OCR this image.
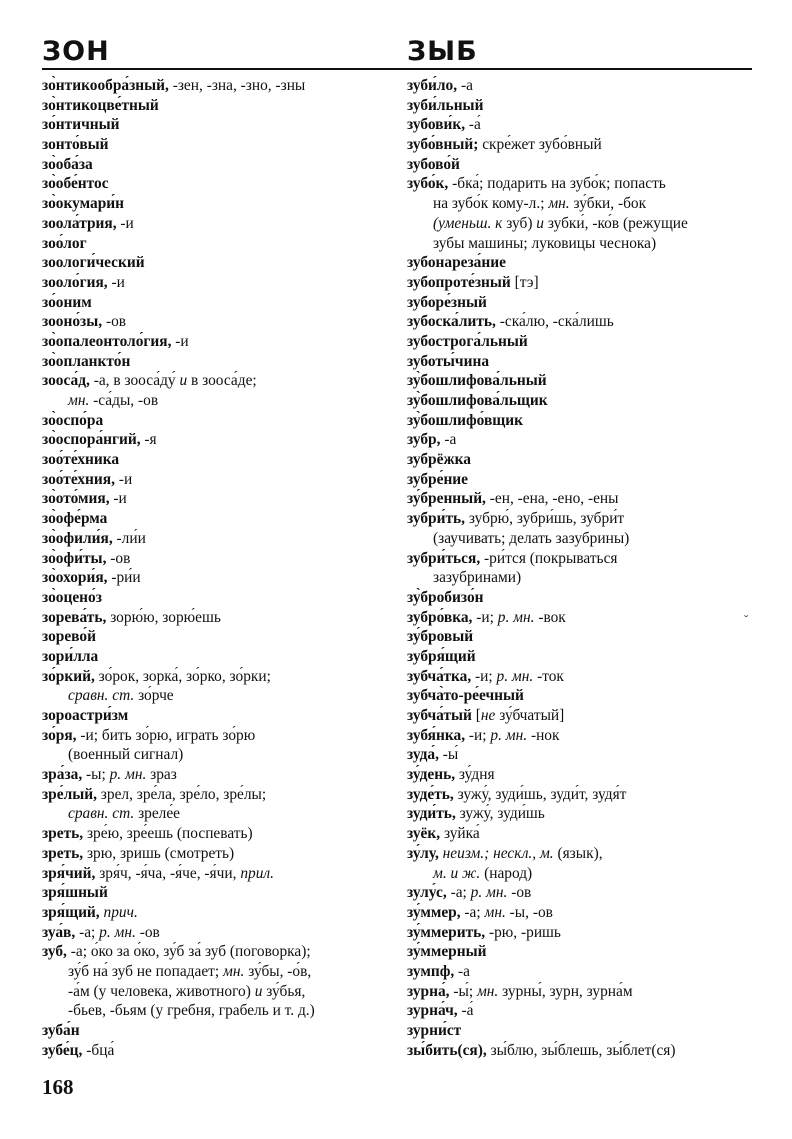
ЗОН	ЗЫБ
зо̀нтикообра́зный, -зен, -зна, -зно, -зны
зо̀нтикоцве́тный
зо́нтичный
зонто́вый
зо̀оба́за
зо̀обе́нтос
зо̀окумари́н
зоола́трия, -и
зоо́лог
зоологи́ческий
зооло́гия, -и
зо́оним
зооно́зы, -ов
зо̀опалеонтоло́гия, -и
зо̀опланкто́н
зооса́д, -а, в зооса́ду́ и в зооса́де;
мн. -са́ды, -ов
зо̀оспо́ра
зо̀оспора́нгий, -я
зоо́те́хника
зоо́те́хния, -и
зо̀ото́мия, -и
зо̀офе́рма
зо̀офили́я, -ли́и
зо̀офи́ты, -ов
зо̀охори́я, -ри́и
зо̀оцено́з
зорева́ть, зорю́ю, зорю́ешь
зорево́й
зори́лла
зо́ркий, зо́рок, зорка́, зо́рко, зо́рки;
сравн. ст. зо́рче
зороастри́зм
зо́ря, -и; бить зо́рю, играть зо́рю
(военный сигнал)
зра́за, -ы; р. мн. зраз
зре́лый, зрел, зре́ла, зре́ло, зре́лы;
сравн. ст. зреле́е
зреть, зре́ю, зре́ешь (поспевать)
зреть, зрю, зришь (смотреть)
зря́чий, зря́ч, -я́ча, -я́че, -я́чи, прил.
зря́шный
зря́щий, прич.
зуа́в, -а; р. мн. -ов
зуб, -а; о́ко за о́ко, зу́б за́ зуб (поговорка);
зу́б на́ зуб не попадает; мн. зу́бы, -о́в,
-а́м (у человека, животного) и зу́бья,
-бьев, -бьям (у гребня, грабель и т. д.)
зуба́н
зубе́ц, -бца́
зуби́ло, -а
зуби́льный
зубови́к, -а́
зубо́вный; скре́жет зубо́вный
зубово́й
зубо́к, -бка́; подарить на зубо́к; попасть
на зубо́к кому-л.; мн. зу́бки, -бок
(уменьш. к зуб) и зубки́, -ко́в (режущие
зубы машины; луковицы чеснока)
зубонареза́ние
зубопроте́зный [тэ]
зуборе́зный
зубоска́лить, -ска́лю, -ска́лишь
зубострога́льный
зуботы́чина
зу̀бошлифова́льный
зу̀бошлифова́льщик
зу̀бошлифо́вщик
зубр, -а
зубрёжка
зубре́ние
зу́бренный, -ен, -ена, -ено, -ены
зубри́ть, зубрю́, зубри́шь, зубри́т
(заучивать; делать зазубрины)
зубри́ться, -ри́тся (покрываться
зазубринами)
зу̀бробизо́н
зубро́вка, -и; р. мн. -вок
зу́бровый
зубря́щий
зубча́тка, -и; р. мн. -ток
зубча̀то-ре́ечный
зубча́тый [не зу́бчатый]
зубя́нка, -и; р. мн. -нок
зуда́, -ы́
зу́день, зу́дня
зуде́ть, зужу́, зуди́шь, зуди́т, зудя́т
зуди́ть, зужу́, зуди́шь
зуёк, зуйка́
зу́лу, неизм.; нескл., м. (язык),
м. и ж. (народ)
зулу́с, -а; р. мн. -ов
зу́ммер, -а; мн. -ы, -ов
зу́ммерить, -рю, -ришь
зу́ммерный
зумпф, -а
зурна́, -ы́; мн. зурны́, зурн, зурна́м
зурна́ч, -а́
зурни́ст
зы́бить(ся), зы́блю, зы́блешь, зы́блет(ся)
ˬ
168
